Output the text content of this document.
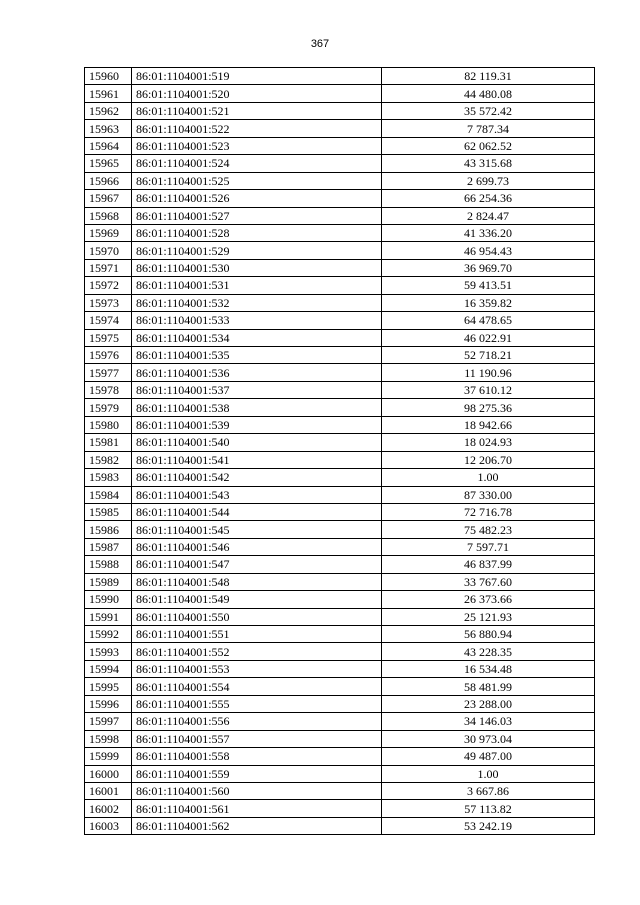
367
15960	86:01:1104001:519	82 119.31
15961	86:01:1104001:520	44 480.08
15962	86:01:1104001:521	35 572.42
15963	86:01:1104001:522	7 787.34
15964	86:01:1104001:523	62 062.52
15965	86:01:1104001:524	43 315.68
15966	86:01:1104001:525	2 699.73
15967	86:01:1104001:526	66 254.36
15968	86:01:1104001:527	2 824.47
15969	86:01:1104001:528	41 336.20
15970	86:01:1104001:529	46 954.43
15971	86:01:1104001:530	36 969.70
15972	86:01:1104001:531	59 413.51
15973	86:01:1104001:532	16 359.82
15974	86:01:1104001:533	64 478.65
15975	86:01:1104001:534	46 022.91
15976	86:01:1104001:535	52 718.21
15977	86:01:1104001:536	11 190.96
15978	86:01:1104001:537	37 610.12
15979	86:01:1104001:538	98 275.36
15980	86:01:1104001:539	18 942.66
15981	86:01:1104001:540	18 024.93
15982	86:01:1104001:541	12 206.70
15983	86:01:1104001:542	1.00
15984	86:01:1104001:543	87 330.00
15985	86:01:1104001:544	72 716.78
15986	86:01:1104001:545	75 482.23
15987	86:01:1104001:546	7 597.71
15988	86:01:1104001:547	46 837.99
15989	86:01:1104001:548	33 767.60
15990	86:01:1104001:549	26 373.66
15991	86:01:1104001:550	25 121.93
15992	86:01:1104001:551	56 880.94
15993	86:01:1104001:552	43 228.35
15994	86:01:1104001:553	16 534.48
15995	86:01:1104001:554	58 481.99
15996	86:01:1104001:555	23 288.00
15997	86:01:1104001:556	34 146.03
15998	86:01:1104001:557	30 973.04
15999	86:01:1104001:558	49 487.00
16000	86:01:1104001:559	1.00
16001	86:01:1104001:560	3 667.86
16002	86:01:1104001:561	57 113.82
16003	86:01:1104001:562	53 242.19
